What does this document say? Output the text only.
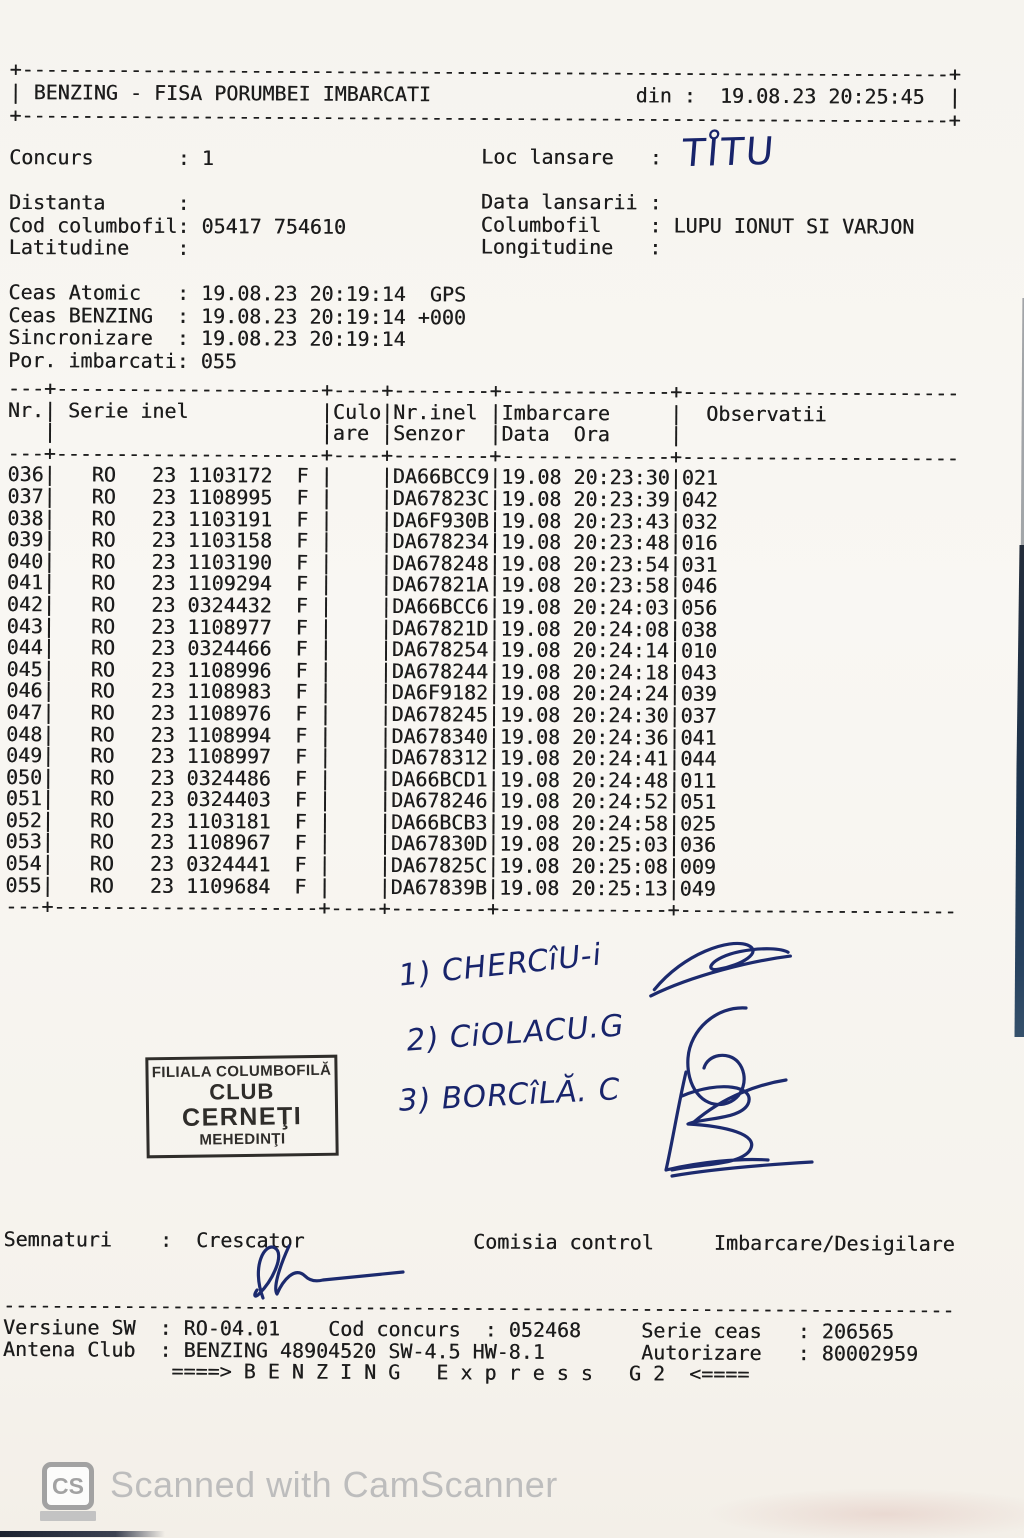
+-----------------------------------------------------------------------------+
| BENZING - FISA PORUMBEI IMBARCATI                 din :  19.08.23 20:25:45  |
+-----------------------------------------------------------------------------+
Concurs       : 1

Distanta      :
Cod columbofil: 05417 754610
Latitudine    :
Loc lansare   :

Data lansarii :
Columbofil    : LUPU IONUT SI VARJON
Longitudine   :
Ceas Atomic   : 19.08.23 20:19:14  GPS
Ceas BENZING  : 19.08.23 20:19:14 +000
Sincronizare  : 19.08.23 20:19:14
Por. imbarcati: 055
---+----------------------+----+--------+--------------+-----------------------
Nr.| Serie inel           |Culo|Nr.inel |Imbarcare     |  Observatii
|                      |are |Senzor  |Data  Ora     |
---+----------------------+----+--------+--------------+-----------------------
036|   RO   23 1103172  F |    |DA66BCC9|19.08 20:23:30|021
037|   RO   23 1108995  F |    |DA67823C|19.08 20:23:39|042
038|   RO   23 1103191  F |    |DA6F930B|19.08 20:23:43|032
039|   RO   23 1103158  F |    |DA678234|19.08 20:23:48|016
040|   RO   23 1103190  F |    |DA678248|19.08 20:23:54|031
041|   RO   23 1109294  F |    |DA67821A|19.08 20:23:58|046
042|   RO   23 0324432  F |    |DA66BCC6|19.08 20:24:03|056
043|   RO   23 1108977  F |    |DA67821D|19.08 20:24:08|038
044|   RO   23 0324466  F |    |DA678254|19.08 20:24:14|010
045|   RO   23 1108996  F |    |DA678244|19.08 20:24:18|043
046|   RO   23 1108983  F |    |DA6F9182|19.08 20:24:24|039
047|   RO   23 1108976  F |    |DA678245|19.08 20:24:30|037
048|   RO   23 1108994  F |    |DA678340|19.08 20:24:36|041
049|   RO   23 1108997  F |    |DA678312|19.08 20:24:41|044
050|   RO   23 0324486  F |    |DA66BCD1|19.08 20:24:48|011
051|   RO   23 0324403  F |    |DA678246|19.08 20:24:52|051
052|   RO   23 1103181  F |    |DA66BCB3|19.08 20:24:58|025
053|   RO   23 1108967  F |    |DA67830D|19.08 20:25:03|036
054|   RO   23 0324441  F |    |DA67825C|19.08 20:25:08|009
055|   RO   23 1109684  F |    |DA67839B|19.08 20:25:13|049
---+----------------------+----+--------+--------------+-----------------------
Semnaturi    :  Crescator              Comisia control     Imbarcare/Desigilare
-------------------------------------------------------------------------------
Versiune SW  : RO-04.01    Cod concurs  : 052468     Serie ceas   : 206565
Antena Club  : BENZING 48904520 SW-4.5 HW-8.1        Autorizare   : 80002959
====> B E N Z I N G   E x p r e s s   G 2  <====
TI̊TU
1) CHERCîU-i
2) CiOLACU.G
3) BORCîLĂ. C
FILIALA COLUMBOFILĂ
CLUB
CERNEŢI
MEHEDINŢI
CS Scanned with CamScanner
